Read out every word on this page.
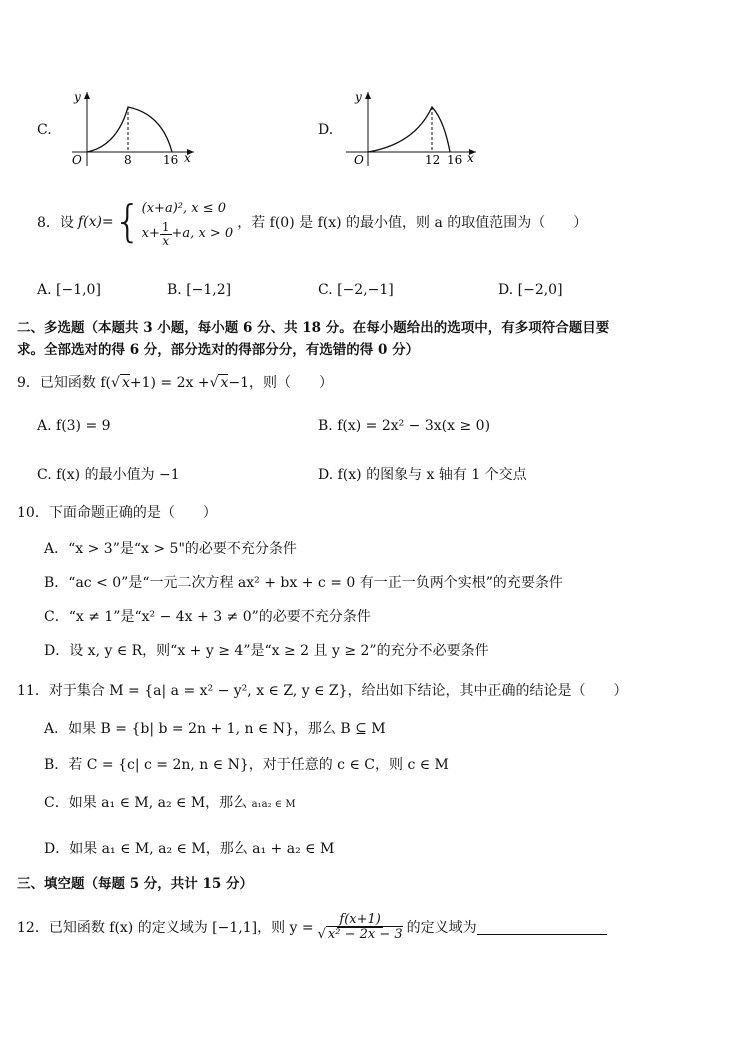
C.
y
O	8	16 x
D.
y
O	12 16 x
8．设 f(x)= { (x+a)², x ≤ 0
$x+ \frac{1}{x} +a$, x > 0
，若 f(0) 是 f(x) 的最小值，则 a 的取值范围为（　　）
A. [−1,0]	B. [−1,2]	C. [−2,−1]	D. [−2,0]
二、多选题（本题共 3 小题，每小题 6 分、共 18 分。在每小题给出的选项中，有多项符合题目要
求。全部选对的得 6 分，部分选对的得部分分，有选错的得 0 分）
9．已知函数 f(√ x+1) = 2x +√ x−1，则（　　）
A. f(3) = 9	B. f(x) = 2x² − 3x(x ≥ 0)
C. f(x) 的最小值为 −1	D. f(x) 的图象与 x 轴有 1 个交点
10．下面命题正确的是（　　）
A．“x > 3”是“x > 5"的必要不充分条件
B．“ac < 0”是“一元二次方程 ax² + bx + c = 0 有一正一负两个实根”的充要条件
C．“x ≠ 1”是“x² − 4x + 3 ≠ 0”的必要不充分条件
D．设 x, y ∈ R，则“x + y ≥ 4”是“x ≥ 2 且 y ≥ 2”的充分不必要条件
11．对于集合 M = {a| a = x² − y², x ∈ Z, y ∈ Z}，给出如下结论，其中正确的结论是（　　）
A．如果 B = {b| b = 2n + 1, n ∈ N}，那么 B ⊆ M
B．若 C = {c| c = 2n, n ∈ N}，对于任意的 c ∈ C，则 c ∈ M
C．如果 a₁ ∈ M, a₂ ∈ M，那么 a₁a₂ ∈ M
D．如果 a₁ ∈ M, a₂ ∈ M，那么 a₁ + a₂ ∈ M
三、填空题（每题 5 分，共计 15 分）
12．已知函数 f(x) 的定义域为 [−1,1]，则 $y = \frac{f(x+1)}{\text{√ x² − 2x − 3}}$ 的定义域为
